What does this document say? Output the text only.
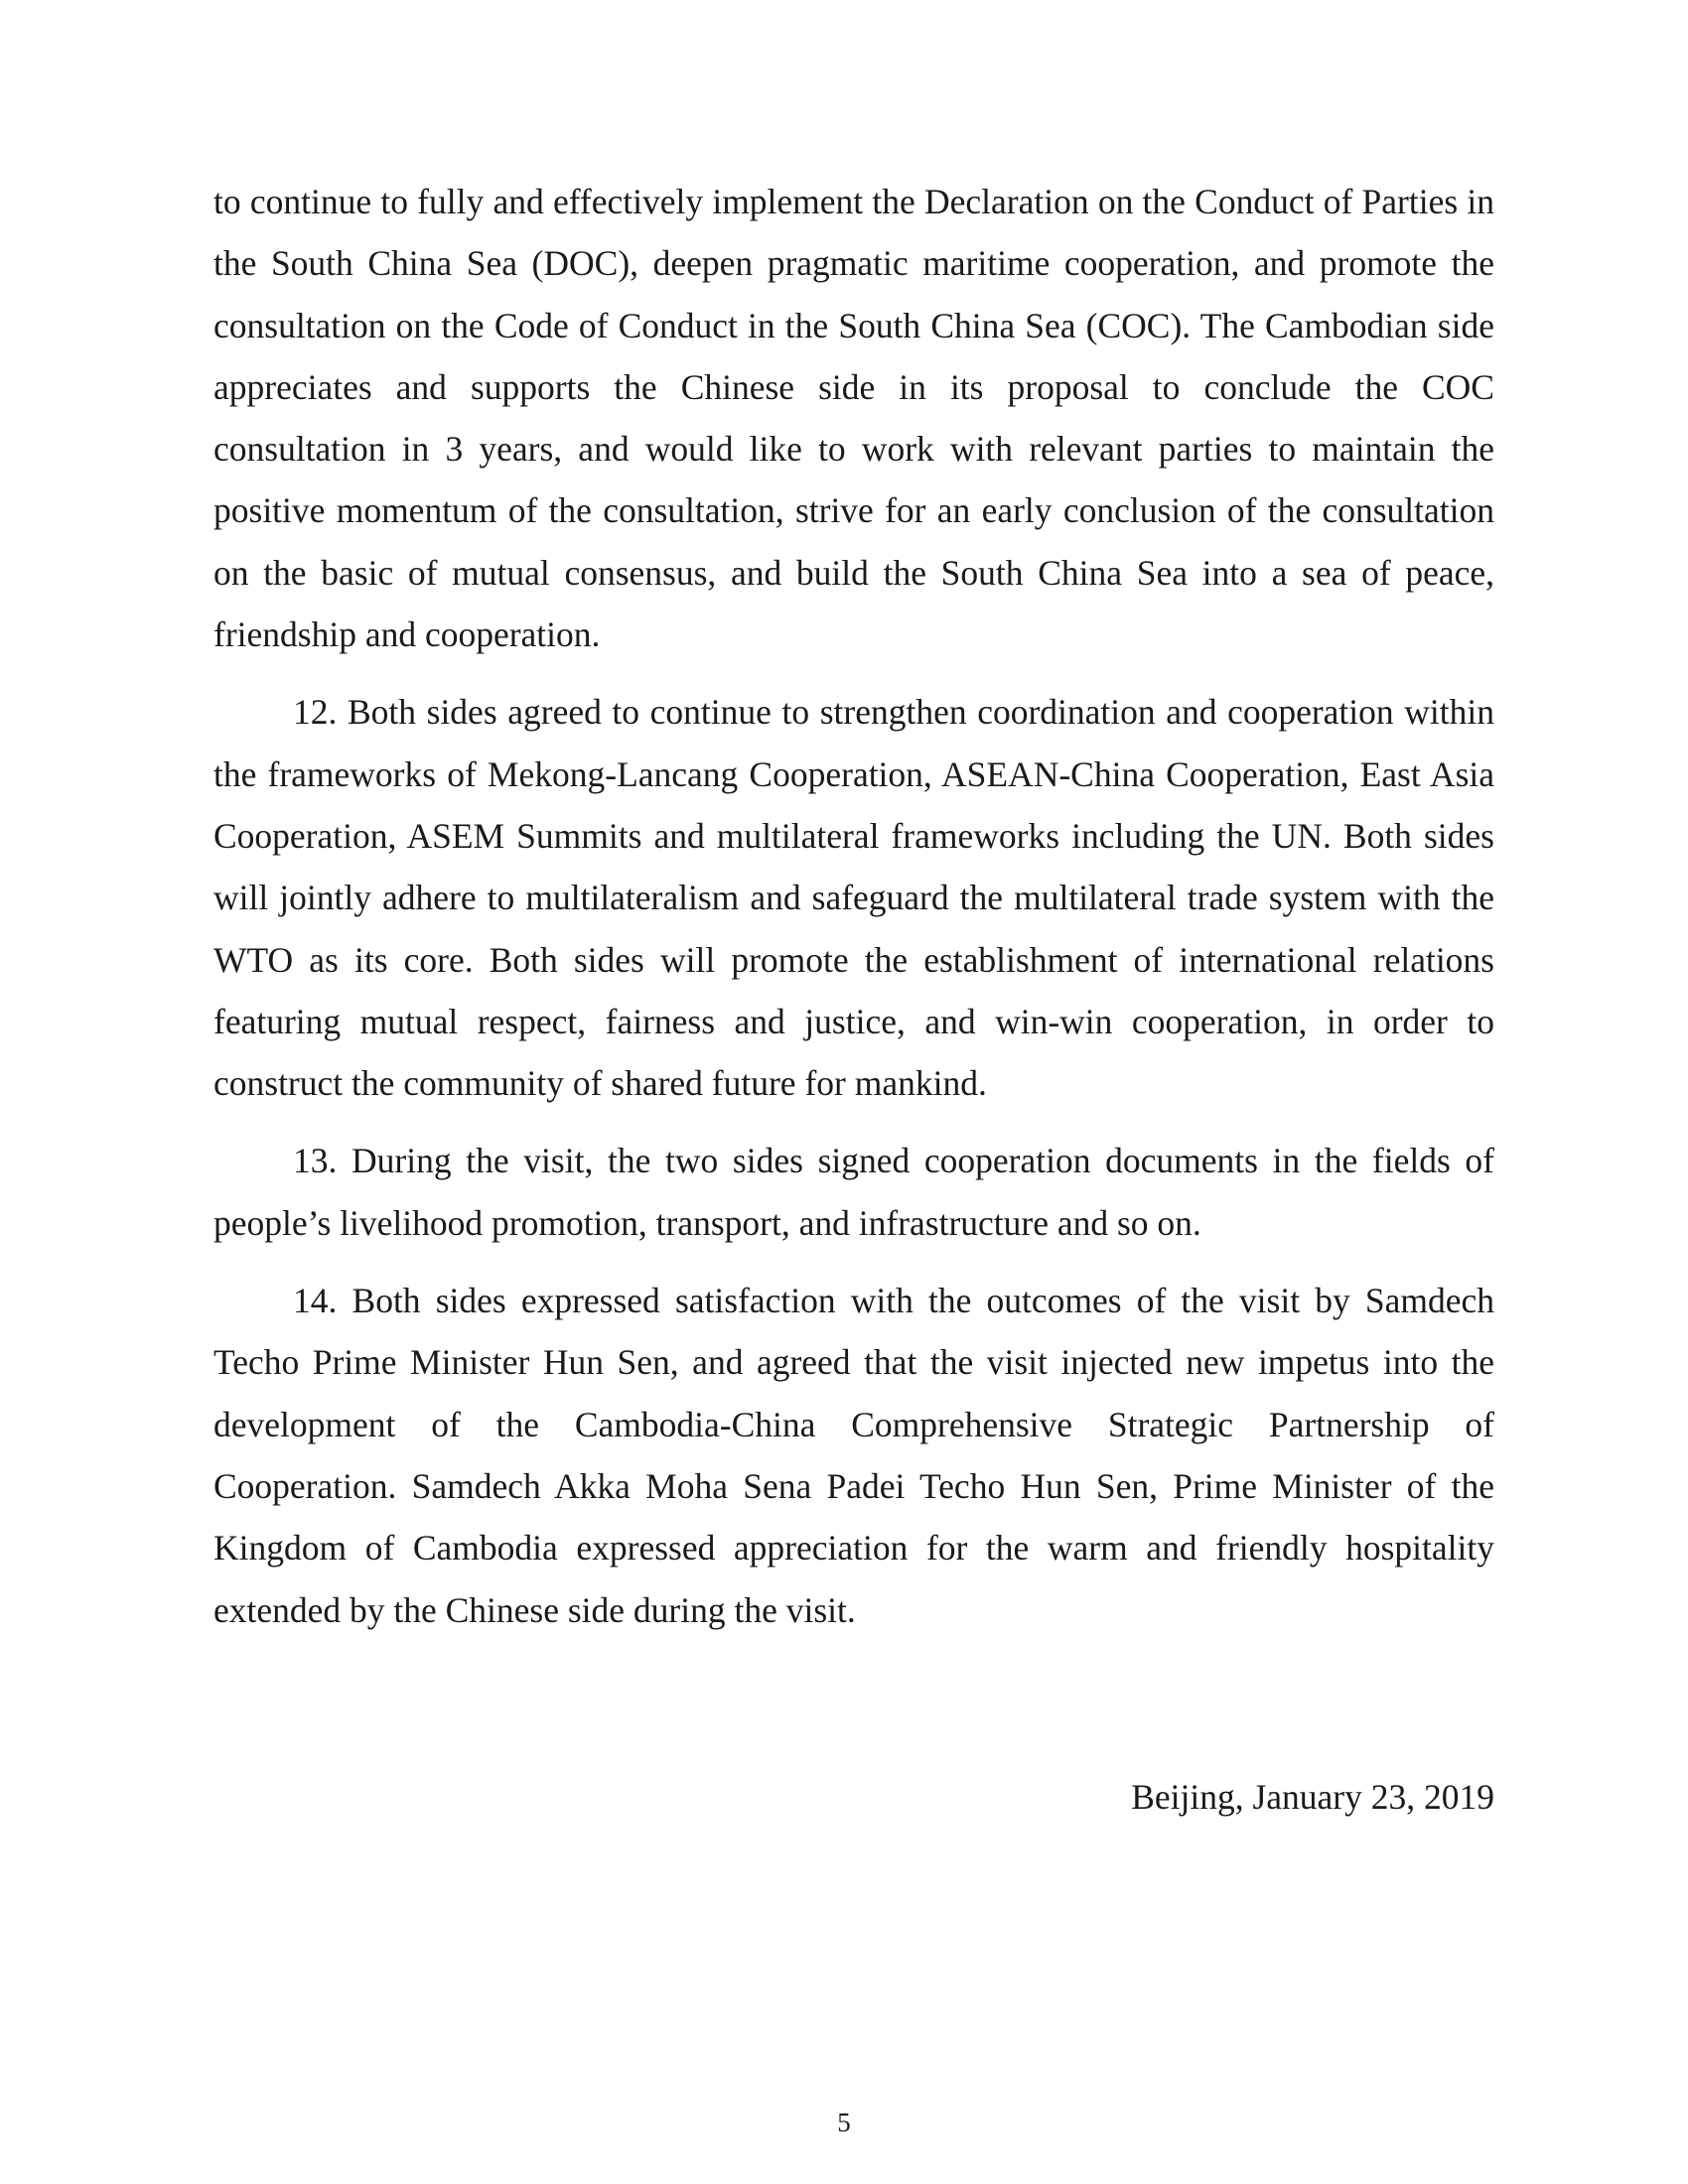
to continue to fully and effectively implement the Declaration on the Conduct of Parties in the South China Sea (DOC), deepen pragmatic maritime cooperation, and promote the consultation on the Code of Conduct in the South China Sea (COC). The Cambodian side appreciates and supports the Chinese side in its proposal to conclude the COC consultation in 3 years, and would like to work with relevant parties to maintain the positive momentum of the consultation, strive for an early conclusion of the consultation on the basic of mutual consensus, and build the South China Sea into a sea of peace, friendship and cooperation.

12. Both sides agreed to continue to strengthen coordination and cooperation within the frameworks of Mekong-Lancang Cooperation, ASEAN-China Cooperation, East Asia Cooperation, ASEM Summits and multilateral frameworks including the UN. Both sides will jointly adhere to multilateralism and safeguard the multilateral trade system with the WTO as its core. Both sides will promote the establishment of international relations featuring mutual respect, fairness and justice, and win-win cooperation, in order to construct the community of shared future for mankind.

13. During the visit, the two sides signed cooperation documents in the fields of people’s livelihood promotion, transport, and infrastructure and so on.

14. Both sides expressed satisfaction with the outcomes of the visit by Samdech Techo Prime Minister Hun Sen, and agreed that the visit injected new impetus into the development of the Cambodia-China Comprehensive Strategic Partnership of Cooperation. Samdech Akka Moha Sena Padei Techo Hun Sen, Prime Minister of the Kingdom of Cambodia expressed appreciation for the warm and friendly hospitality extended by the Chinese side during the visit.

Beijing, January 23, 2019
5
